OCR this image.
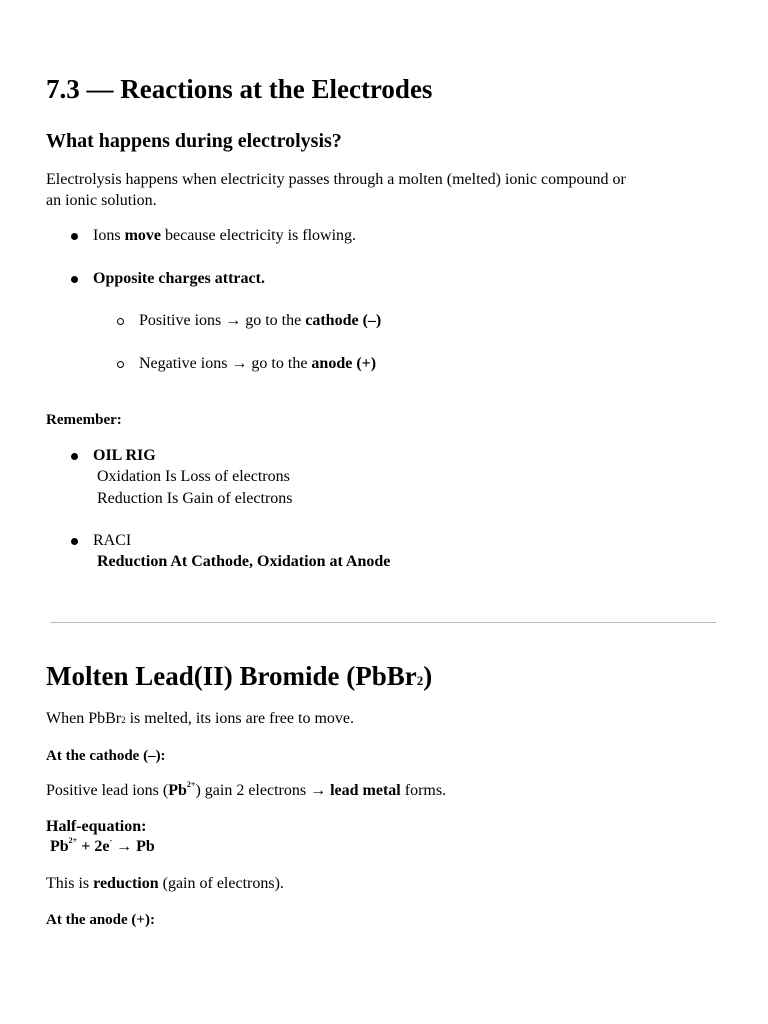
7.3 — Reactions at the Electrodes
What happens during electrolysis?
Electrolysis happens when electricity passes through a molten (melted) ionic compound or
an ionic solution.
Ions move because electricity is flowing.
Opposite charges attract.
Positive ions → go to the cathode (–)
Negative ions → go to the anode (+)
Remember:
OIL RIG
Oxidation Is Loss of electrons
Reduction Is Gain of electrons
RACI
Reduction At Cathode, Oxidation at Anode
Molten Lead(II) Bromide (PbBr2)
When PbBr2 is melted, its ions are free to move.
At the cathode (–):
Positive lead ions $(Pb^{2+})$ gain 2 electrons → lead metal forms.
Half-equation:
$Pb^{2+} + 2e^- \to Pb$
This is reduction (gain of electrons).
At the anode (+):
